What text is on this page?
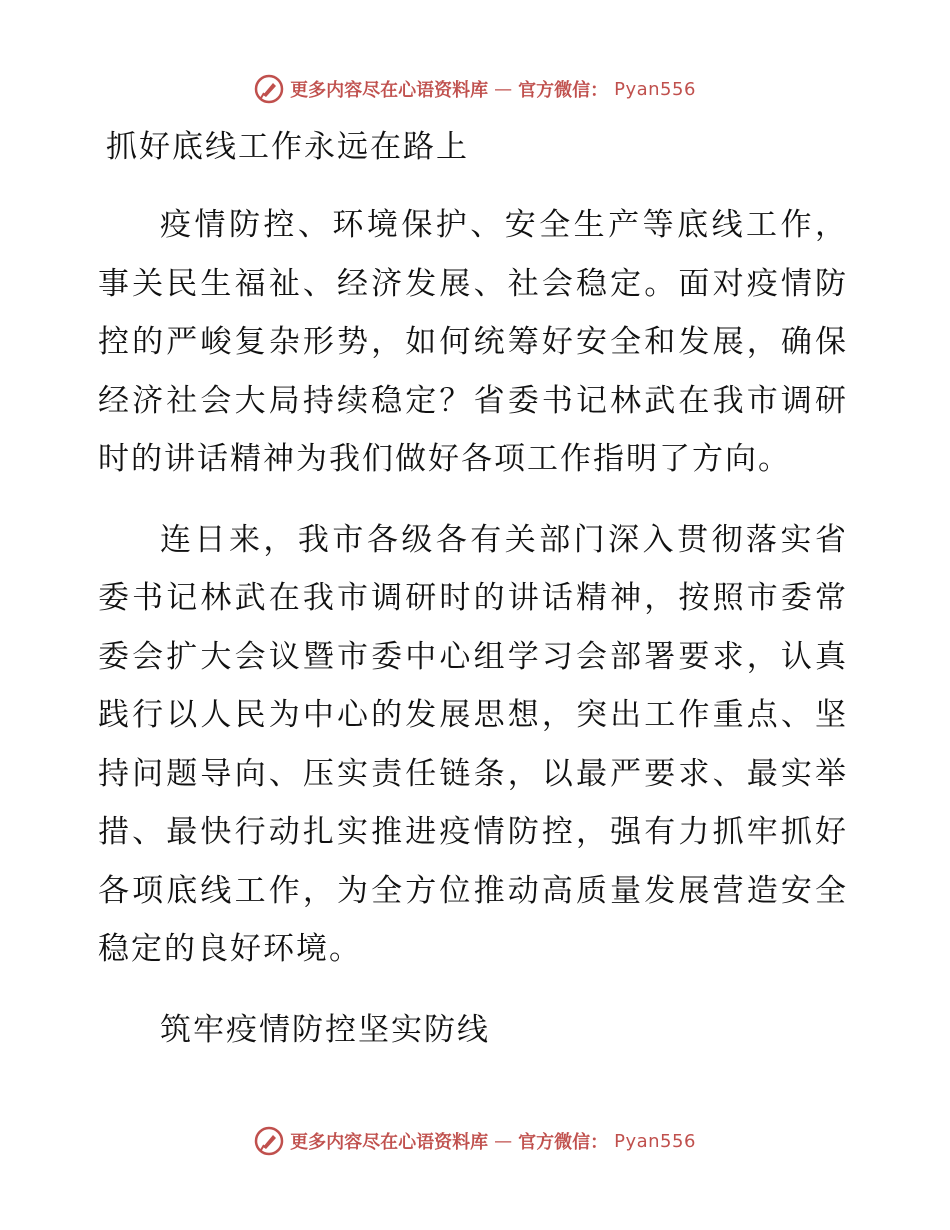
更多内容尽在心语资料库 — 官方微信： Pyan556
抓好底线工作永远在路上

疫情防控、环境保护、安全生产等底线工作，事关民生福祉、经济发展、社会稳定。面对疫情防控的严峻复杂形势，如何统筹好安全和发展，确保经济社会大局持续稳定？省委书记林武在我市调研时的讲话精神为我们做好各项工作指明了方向。

连日来，我市各级各有关部门深入贯彻落实省委书记林武在我市调研时的讲话精神，按照市委常委会扩大会议暨市委中心组学习会部署要求，认真践行以人民为中心的发展思想，突出工作重点、坚持问题导向、压实责任链条，以最严要求、最实举措、最快行动扎实推进疫情防控，强有力抓牢抓好各项底线工作，为全方位推动高质量发展营造安全稳定的良好环境。

筑牢疫情防控坚实防线

更多内容尽在心语资料库 — 官方微信： Pyan556
